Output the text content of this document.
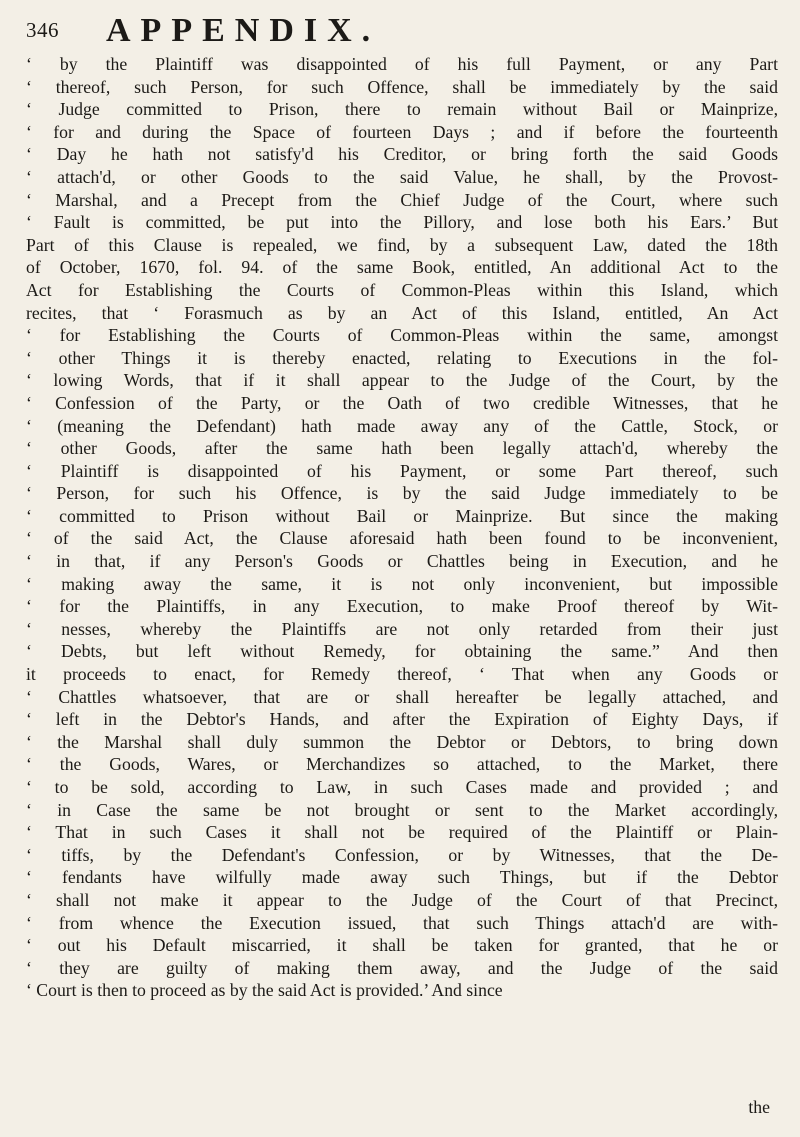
346 APPENDIX.
‘ by the Plaintiff was disappointed of his full Payment, or any Part
‘ thereof, such Person, for such Offence, shall be immediately by the said
‘ Judge committed to Prison, there to remain without Bail or Mainprize,
‘ for and during the Space of fourteen Days ; and if before the fourteenth
‘ Day he hath not satisfy'd his Creditor, or bring forth the said Goods
‘ attach'd, or other Goods to the said Value, he shall, by the Provost-
‘ Marshal, and a Precept from the Chief Judge of the Court, where such
‘ Fault is committed, be put into the Pillory, and lose both his Ears.’ But
Part of this Clause is repealed, we find, by a subsequent Law, dated the 18th
of October, 1670, fol. 94. of the same Book, entitled, An additional Act to the
Act for Establishing the Courts of Common-Pleas within this Island, which
recites, that ‘ Forasmuch as by an Act of this Island, entitled, An Act
‘ for Establishing the Courts of Common-Pleas within the same, amongst
‘ other Things it is thereby enacted, relating to Executions in the fol-
‘ lowing Words, that if it shall appear to the Judge of the Court, by the
‘ Confession of the Party, or the Oath of two credible Witnesses, that he
‘ (meaning the Defendant) hath made away any of the Cattle, Stock, or
‘ other Goods, after the same hath been legally attach'd, whereby the
‘ Plaintiff is disappointed of his Payment, or some Part thereof, such
‘ Person, for such his Offence, is by the said Judge immediately to be
‘ committed to Prison without Bail or Mainprize. But since the making
‘ of the said Act, the Clause aforesaid hath been found to be inconvenient,
‘ in that, if any Person's Goods or Chattles being in Execution, and he
‘ making away the same, it is not only inconvenient, but impossible
‘ for the Plaintiffs, in any Execution, to make Proof thereof by Wit-
‘ nesses, whereby the Plaintiffs are not only retarded from their just
‘ Debts, but left without Remedy, for obtaining the same.” And then
it proceeds to enact, for Remedy thereof, ‘ That when any Goods or
‘ Chattles whatsoever, that are or shall hereafter be legally attached, and
‘ left in the Debtor's Hands, and after the Expiration of Eighty Days, if
‘ the Marshal shall duly summon the Debtor or Debtors, to bring down
‘ the Goods, Wares, or Merchandizes so attached, to the Market, there
‘ to be sold, according to Law, in such Cases made and provided ; and
‘ in Case the same be not brought or sent to the Market accordingly,
‘ That in such Cases it shall not be required of the Plaintiff or Plain-
‘ tiffs, by the Defendant's Confession, or by Witnesses, that the De-
‘ fendants have wilfully made away such Things, but if the Debtor
‘ shall not make it appear to the Judge of the Court of that Precinct,
‘ from whence the Execution issued, that such Things attach'd are with-
‘ out his Default miscarried, it shall be taken for granted, that he or
‘ they are guilty of making them away, and the Judge of the said
‘ Court is then to proceed as by the said Act is provided.’ And since
the
